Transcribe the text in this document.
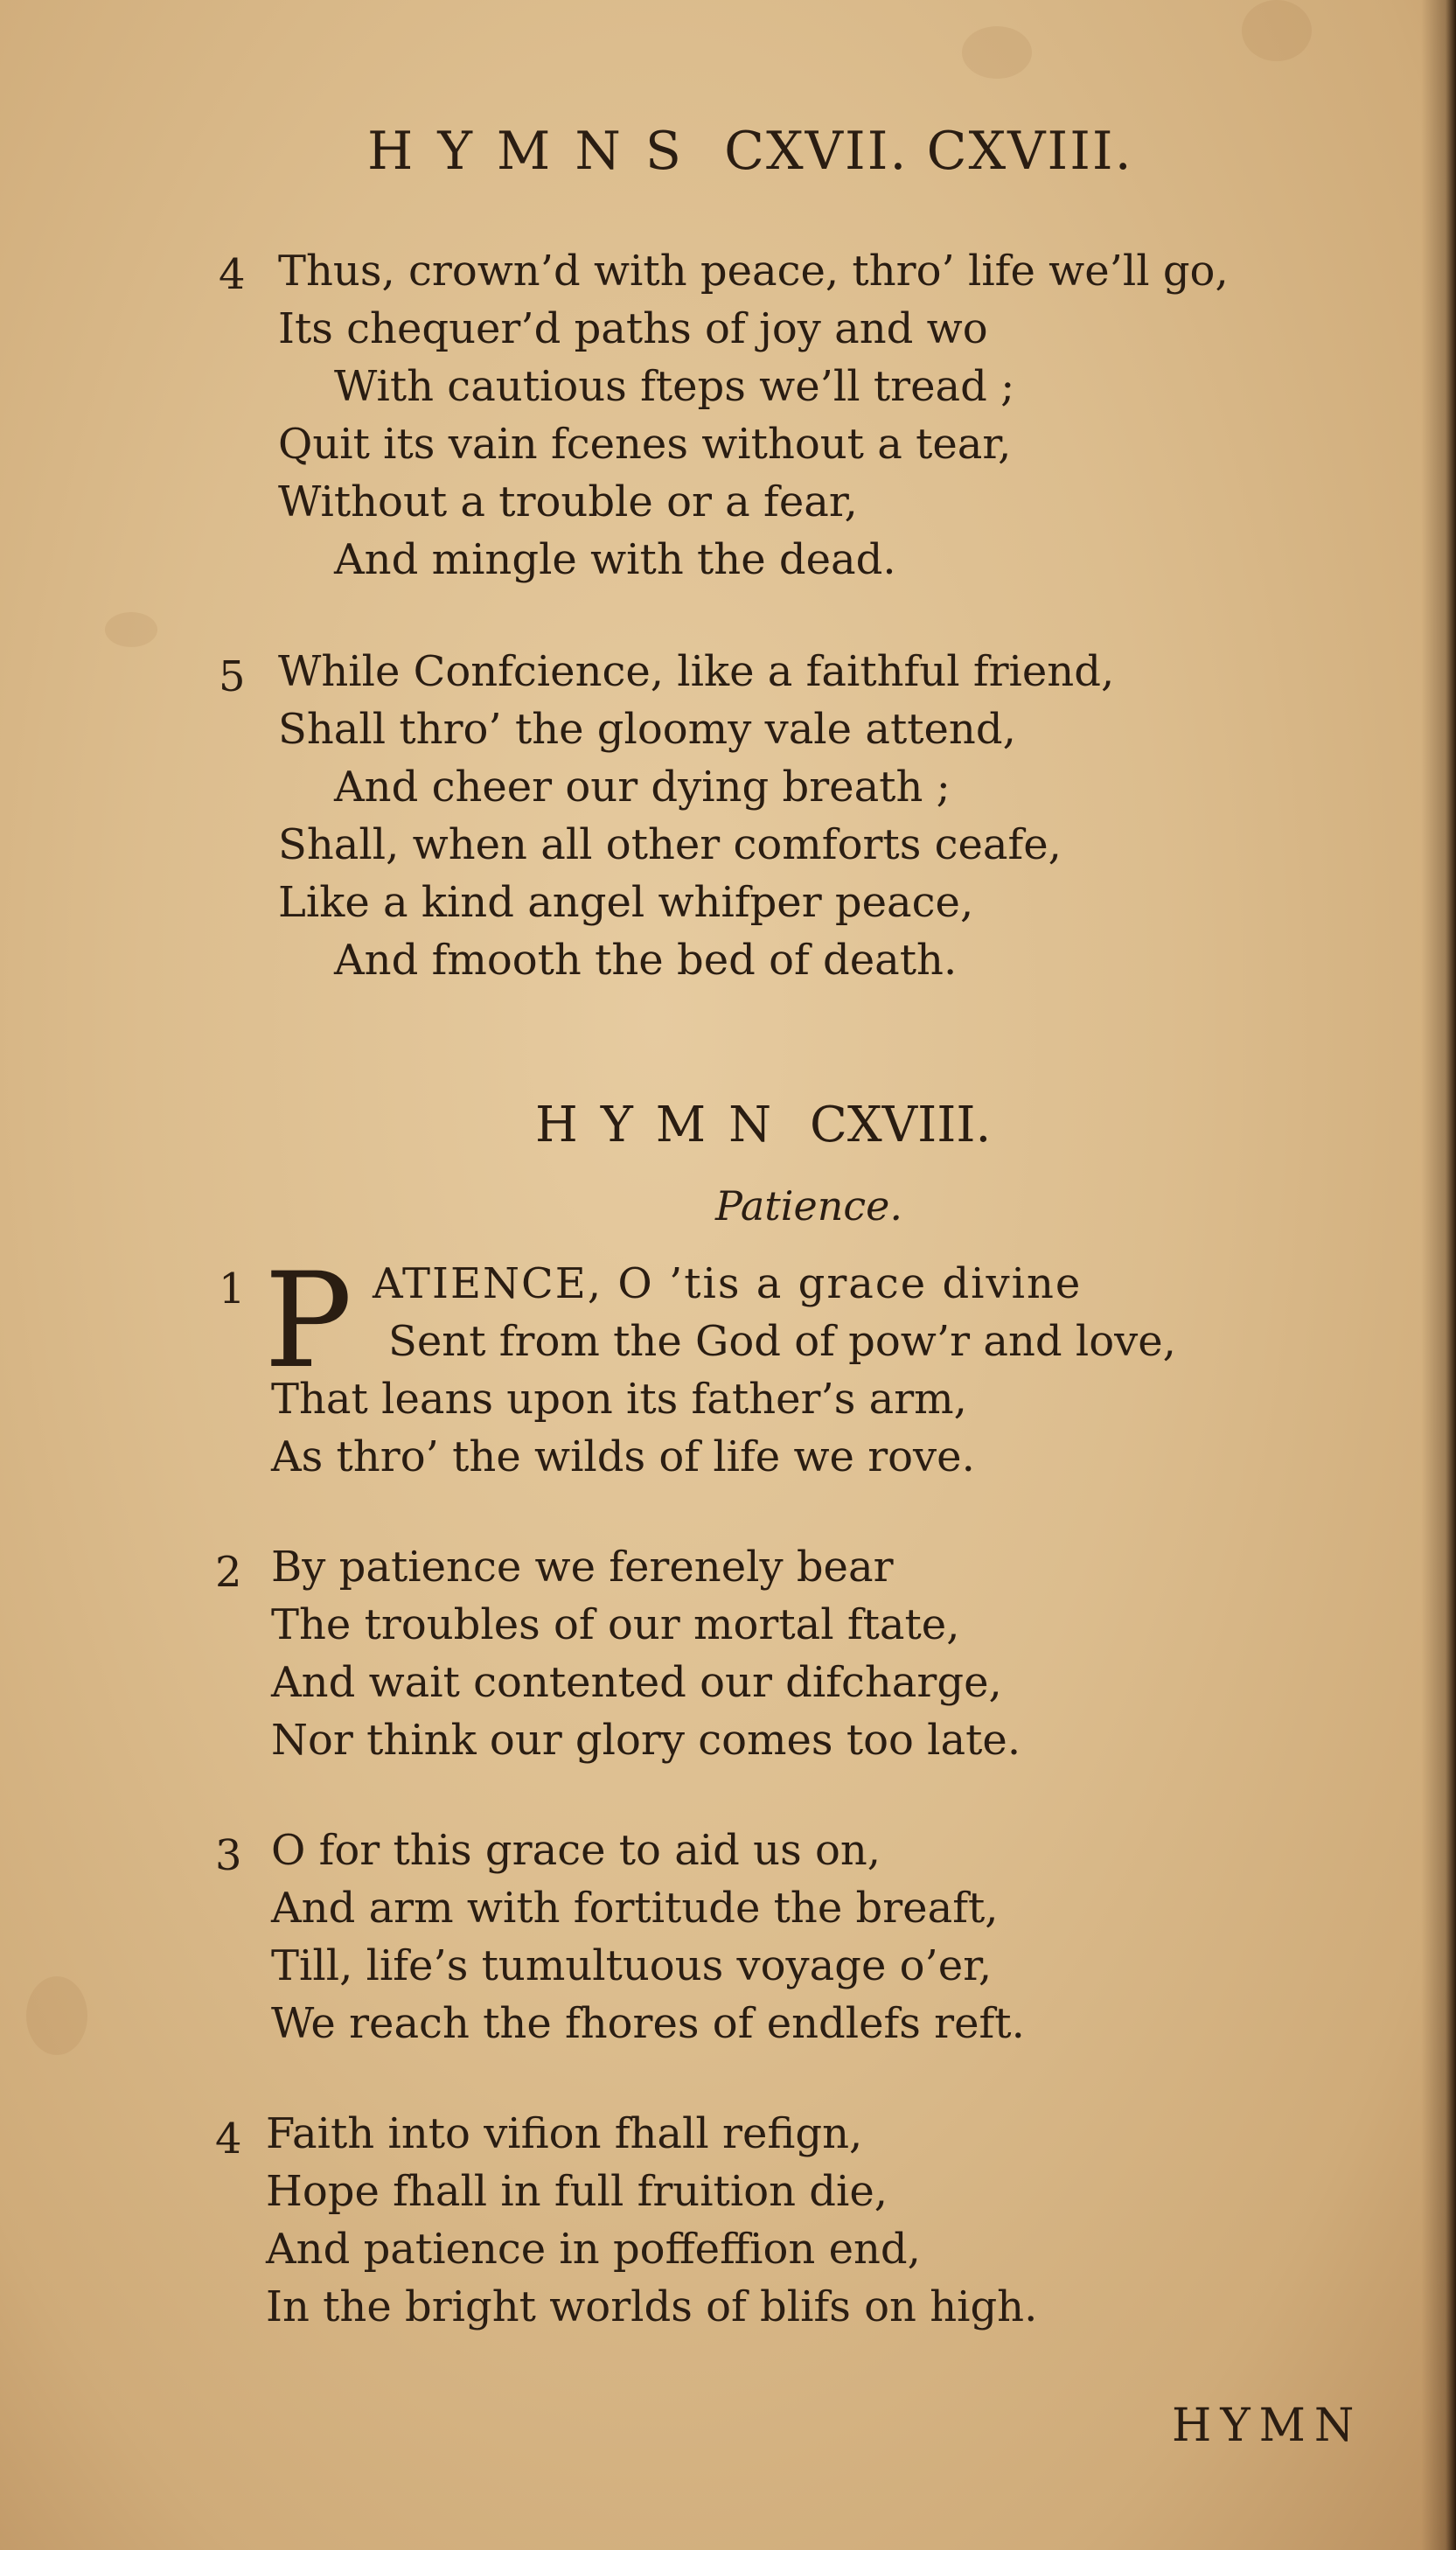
HYMNS CXVII. CXVIII.
4 Thus, crown’d with peace, thro’ life we’ll go,
Its chequer’d paths of joy and wo
With cautious fteps we’ll tread ;
Quit its vain fcenes without a tear,
Without a trouble or a fear,
And mingle with the dead.
5 While Confcience, like a faithful friend,
Shall thro’ the gloomy vale attend,
And cheer our dying breath ;
Shall, when all other comforts ceafe,
Like a kind angel whifper peace,
And fmooth the bed of death.
HYMN CXVIII.
Patience.
1 P ATIENCE, O ’tis a grace divine
Sent from the God of pow’r and love,
That leans upon its father’s arm,
As thro’ the wilds of life we rove.
2 By patience we ferenely bear
The troubles of our mortal ftate,
And wait contented our difcharge,
Nor think our glory comes too late.
3 O for this grace to aid us on,
And arm with fortitude the breaft,
Till, life’s tumultuous voyage o’er,
We reach the fhores of endlefs reft.
4 Faith into vifion fhall refign,
Hope fhall in full fruition die,
And patience in poffeffion end,
In the bright worlds of blifs on high.
HYMN
